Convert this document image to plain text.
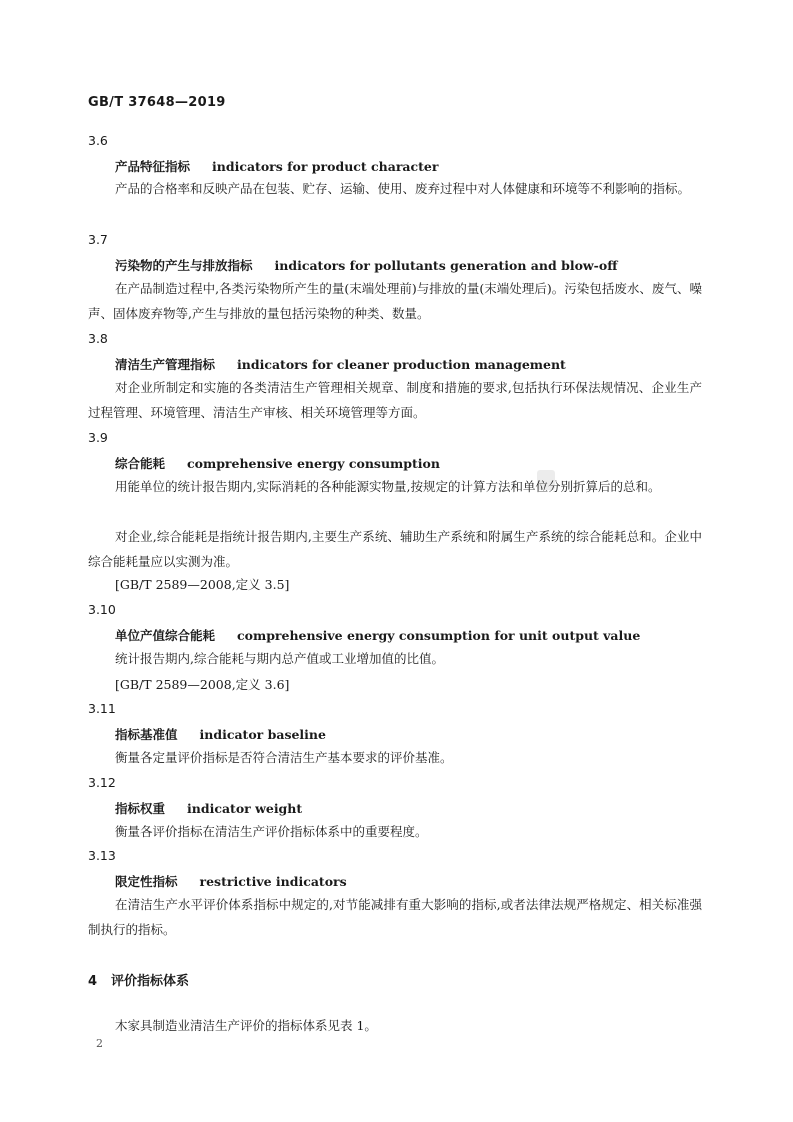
GB/T 37648—2019
3.6
产品特征指标 indicators for product character
产品的合格率和反映产品在包装、贮存、运输、使用、废弃过程中对人体健康和环境等不利影响的指标。
3.7
污染物的产生与排放指标 indicators for pollutants generation and blow-off
在产品制造过程中,各类污染物所产生的量(末端处理前)与排放的量(末端处理后)。污染包括废水、废气、噪声、固体废弃物等,产生与排放的量包括污染物的种类、数量。
3.8
清洁生产管理指标 indicators for cleaner production management
对企业所制定和实施的各类清洁生产管理相关规章、制度和措施的要求,包括执行环保法规情况、企业生产过程管理、环境管理、清洁生产审核、相关环境管理等方面。
3.9
综合能耗 comprehensive energy consumption
用能单位的统计报告期内,实际消耗的各种能源实物量,按规定的计算方法和单位分别折算后的总和。
对企业,综合能耗是指统计报告期内,主要生产系统、辅助生产系统和附属生产系统的综合能耗总和。企业中综合能耗量应以实测为准。
[GB/T 2589—2008,定义 3.5]
3.10
单位产值综合能耗 comprehensive energy consumption for unit output value
统计报告期内,综合能耗与期内总产值或工业增加值的比值。
[GB/T 2589—2008,定义 3.6]
3.11
指标基准值 indicator baseline
衡量各定量评价指标是否符合清洁生产基本要求的评价基准。
3.12
指标权重 indicator weight
衡量各评价指标在清洁生产评价指标体系中的重要程度。
3.13
限定性指标 restrictive indicators
在清洁生产水平评价体系指标中规定的,对节能减排有重大影响的指标,或者法律法规严格规定、相关标准强制执行的指标。
4 评价指标体系
木家具制造业清洁生产评价的指标体系见表 1。
2
